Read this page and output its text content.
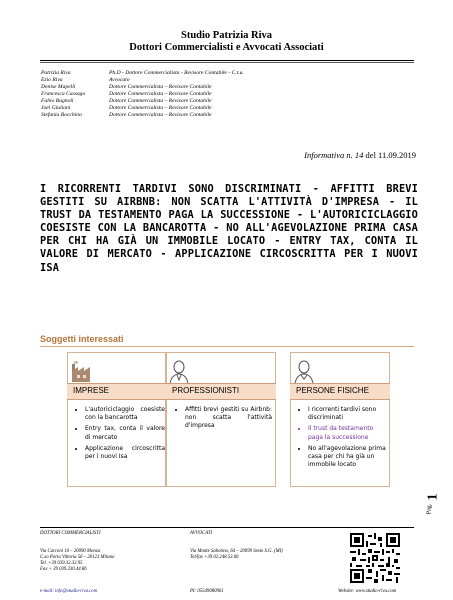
Studio Patrizia Riva
Dottori Commercialisti e Avvocati Associati
Patrizia Riva	Ph.D - Dottore Commercialista - Revisore Contabile - C.t.u.
Ezio Riva	Avvocato
Denise Mapelli	Dottore Commercialista – Revisore Contabile
Francesca Cassago	Dottore Commercialista – Revisore Contabile
Fabio Bagnoli	Dottore Commercialista – Revisore Contabile
Joel Giuliani	Dottore Commercialista – Revisore Contabile
Stefania Bocchino	Dottore Commercialista – Revisore Contabile
Informativa n. 14 del 11.09.2019
I RICORRENTI TARDIVI SONO DISCRIMINATI - AFFITTI BREVI GESTITI SU AIRBNB: NON SCATTA L'ATTIVITÀ D'IMPRESA - IL TRUST DA TESTAMENTO PAGA LA SUCCESSIONE - L'AUTORICICLAGGIO COESISTE CON LA BANCAROTTA - NO ALL'AGEVOLAZIONE PRIMA CASA PER CHI HA GIÀ UN IMMOBILE LOCATO - ENTRY TAX, CONTA IL VALORE DI MERCATO - APPLICAZIONE CIRCOSCRITTA PER I NUOVI ISA
Soggetti interessati
IMPRESE	PROFESSIONISTI	PERSONE FISICHE
• L'autoriciclaggio coesiste con la bancarotta
• Entry tax, conta il valore di mercato
• Applicazione circoscritta per i nuovi Isa
• Affitti brevi gestiti su Airbnb: non scatta l'attività d'impresa
• I ricorrenti tardivi sono discriminati
• Il trust da testamento paga la successione
• No all'agevolazione prima casa per chi ha già un immobile locato
Pag.
1
DOTTORI COMMERCIALISTI
Via Carconi 10 – 20090 Monza
C.so Porta Vittoria 56 – 20123 Milano
Tel. +39 039.32.32.95
Fax + 39 039.230.44.86
AVVOCATI
Via Monte Sabotino, 64 – 20099 Sesto S.G. (MI)
Tel/fax +39 02.248.53.06
e-mail: info@studio-riva.com	PI: 05549080961	Website: www.studio-riva.com
